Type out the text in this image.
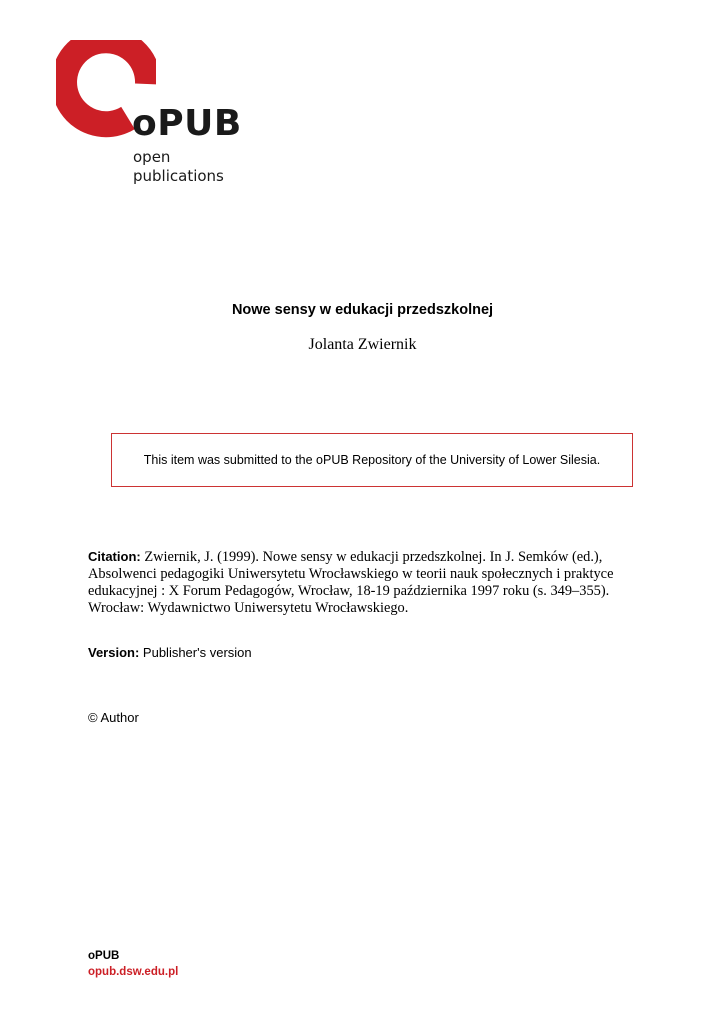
oPUB
open
publications
Nowe sensy w edukacji przedszkolnej
Jolanta Zwiernik
This item was submitted to the oPUB Repository of the University of Lower Silesia.
Citation: Zwiernik, J. (1999). Nowe sensy w edukacji przedszkolnej. In J. Semków (ed.), Absolwenci pedagogiki Uniwersytetu Wrocławskiego w teorii nauk społecznych i praktyce edukacyjnej : X Forum Pedagogów, Wrocław, 18-19 października 1997 roku (s. 349–355). Wrocław: Wydawnictwo Uniwersytetu Wrocławskiego.
Version: Publisher's version
© Author
oPUB
opub.dsw.edu.pl
